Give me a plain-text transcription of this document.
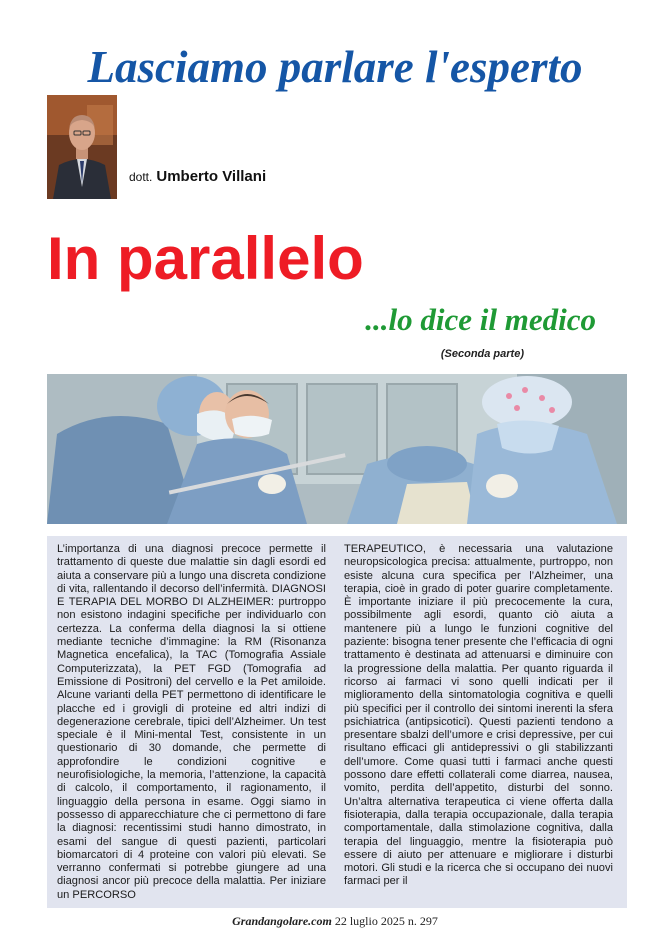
Lasciamo parlare l'esperto
dott. Umberto Villani
In parallelo
...lo dice il medico
(Seconda parte)
L’importanza di una diagnosi precoce permette il trattamento di queste due malattie sin dagli esordi ed aiuta a conservare più a lungo una discreta condizione di vita, rallentando il decorso dell’infermità. DIAGNOSI E TERAPIA DEL MORBO DI ALZHEIMER: purtroppo non esistono indagini specifiche per individuarlo con certezza. La conferma della diagnosi la si ottiene mediante tecniche d’immagine: la RM (Risonanza Magnetica encefalica), la TAC (Tomografia Assiale Computerizzata), la PET FGD (Tomografia ad Emissione di Positroni) del cervello e la Pet amiloide. Alcune varianti della PET permettono di identificare le placche ed i grovigli di proteine ed altri indizi di degenerazione cerebrale, tipici dell’Alzheimer. Un test speciale è il Mini-mental Test, consistente in un questionario di 30 domande, che permette di approfondire le condizioni cognitive e neurofisiologiche, la memoria, l’attenzione, la capacità di calcolo, il comportamento, il ragionamento, il linguaggio della persona in esame. Oggi siamo in possesso di apparecchiature che ci permettono di fare la diagnosi: recentissimi studi hanno dimostrato, in esami del sangue di questi pazienti, particolari biomarcatori di 4 proteine con valori più elevati. Se verranno confermati si potrebbe giungere ad una diagnosi ancor più precoce della malattia. Per iniziare un PERCORSO
TERAPEUTICO, è necessaria una valutazione neuropsicologica precisa: attualmente, purtroppo, non esiste alcuna cura specifica per l’Alzheimer, una terapia, cioè in grado di poter guarire completamente. È importante iniziare il più precocemente la cura, possibilmente agli esordi, quanto ciò aiuta a mantenere più a lungo le funzioni cognitive del paziente: bisogna tener presente che l’efficacia di ogni trattamento è destinata ad attenuarsi e diminuire con la progressione della malattia. Per quanto riguarda il ricorso ai farmaci vi sono quelli indicati per il miglioramento della sintomatologia cognitiva e quelli più specifici per il controllo dei sintomi inerenti la sfera psichiatrica (antipsicotici). Questi pazienti tendono a presentare sbalzi dell’umore e crisi depressive, per cui risultano efficaci gli antidepressivi o gli stabilizzanti dell’umore. Come quasi tutti i farmaci anche questi possono dare effetti collaterali come diarrea, nausea, vomito, perdita dell’appetito, disturbi del sonno. Un’altra alternativa terapeutica ci viene offerta dalla fisioterapia, dalla terapia occupazionale, dalla terapia comportamentale, dalla stimolazione cognitiva, dalla terapia del linguaggio, mentre la fisioterapia può essere di aiuto per attenuare e migliorare i disturbi motori. Gli studi e la ricerca che si occupano dei nuovi farmaci per il
Grandangolare.com 22 luglio 2025 n. 297
